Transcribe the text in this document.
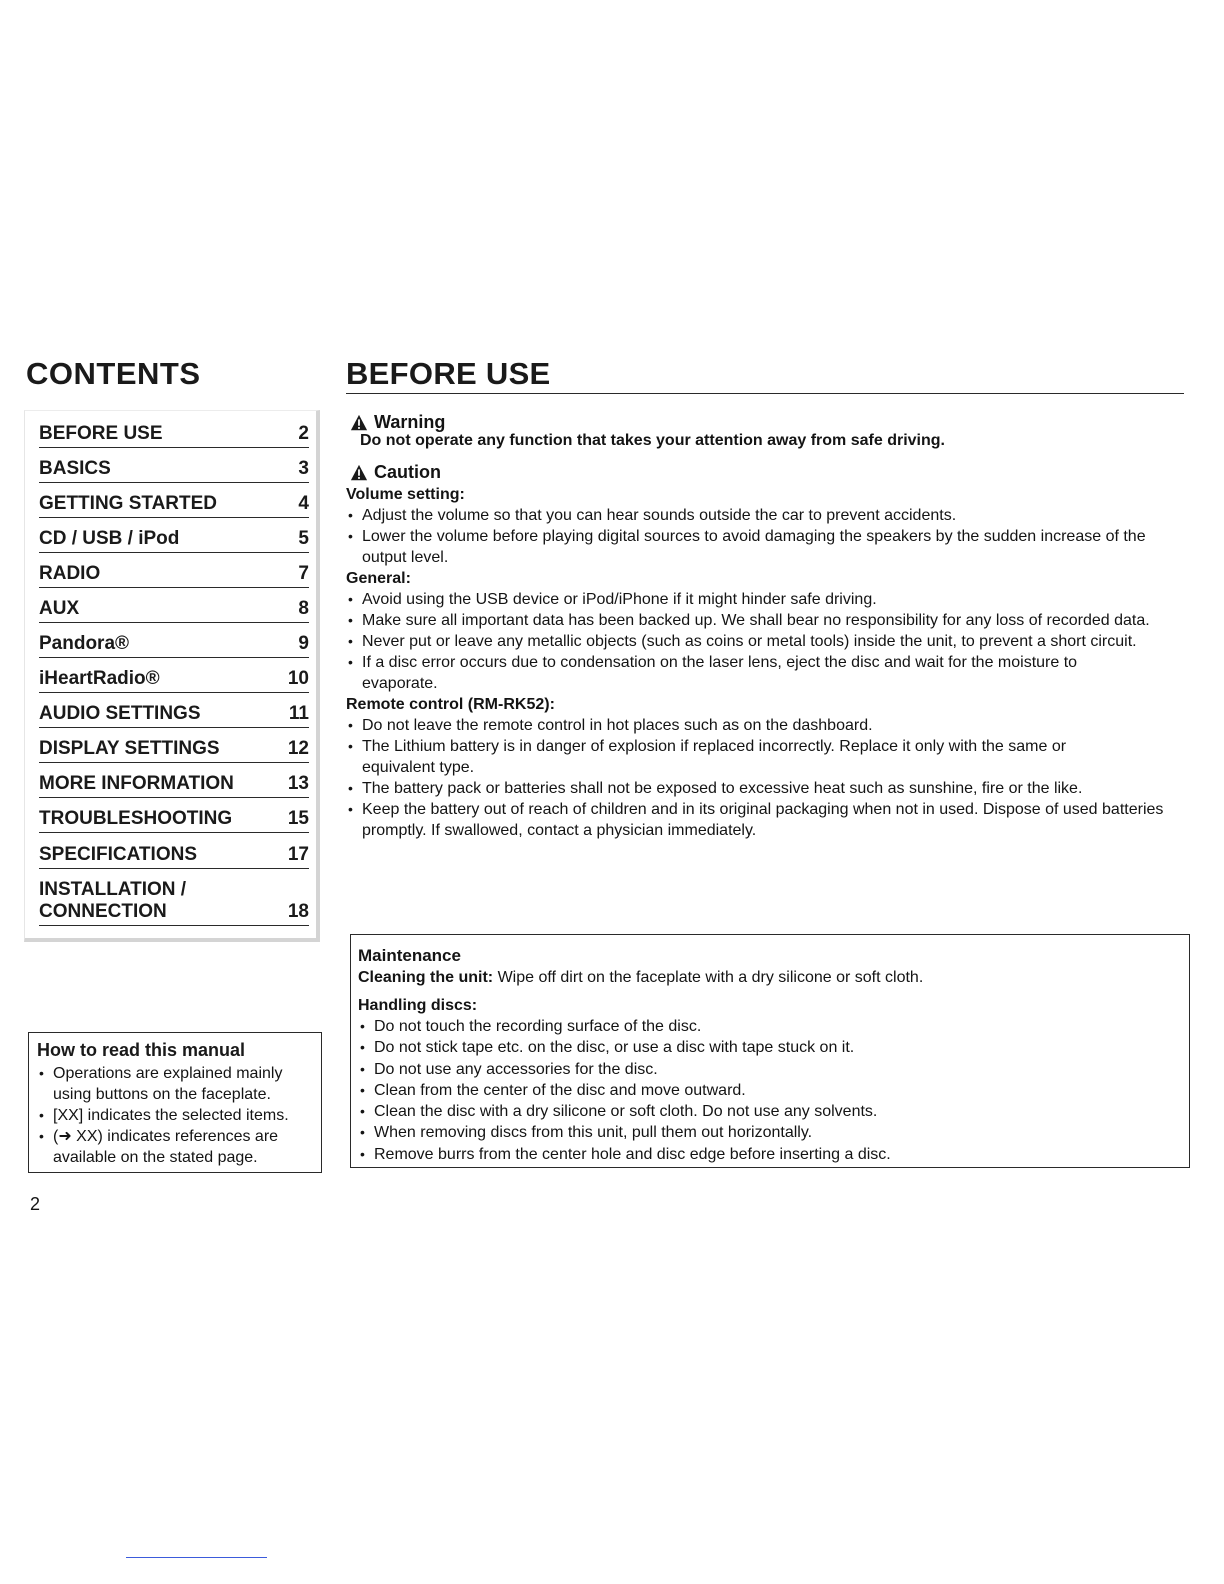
CONTENTS
BEFORE USE	2
BASICS	3
GETTING STARTED	4
CD / USB / iPod	5
RADIO	7
AUX	8
Pandora®	9
iHeartRadio®	10
AUDIO SETTINGS	11
DISPLAY SETTINGS	12
MORE INFORMATION	13
TROUBLESHOOTING	15
SPECIFICATIONS	17
INSTALLATION /
CONNECTION	18
How to read this manual
• Operations are explained mainly using buttons on the faceplate.
• [XX] indicates the selected items.
• (➜ XX) indicates references are available on the stated page.
2
BEFORE USE
Warning
Do not operate any function that takes your attention away from safe driving.
Caution
Volume setting:
• Adjust the volume so that you can hear sounds outside the car to prevent accidents.
• Lower the volume before playing digital sources to avoid damaging the speakers by the sudden increase of the output level.
General:
• Avoid using the USB device or iPod/iPhone if it might hinder safe driving.
• Make sure all important data has been backed up. We shall bear no responsibility for any loss of recorded data.
• Never put or leave any metallic objects (such as coins or metal tools) inside the unit, to prevent a short circuit.
• If a disc error occurs due to condensation on the laser lens, eject the disc and wait for the moisture to evaporate.
Remote control (RM-RK52):
• Do not leave the remote control in hot places such as on the dashboard.
• The Lithium battery is in danger of explosion if replaced incorrectly. Replace it only with the same or equivalent type.
• The battery pack or batteries shall not be exposed to excessive heat such as sunshine, fire or the like.
• Keep the battery out of reach of children and in its original packaging when not in used. Dispose of used batteries promptly. If swallowed, contact a physician immediately.
Maintenance

Cleaning the unit: Wipe off dirt on the faceplate with a dry silicone or soft cloth.

Handling discs:
• Do not touch the recording surface of the disc.
• Do not stick tape etc. on the disc, or use a disc with tape stuck on it.
• Do not use any accessories for the disc.
• Clean from the center of the disc and move outward.
• Clean the disc with a dry silicone or soft cloth. Do not use any solvents.
• When removing discs from this unit, pull them out horizontally.
• Remove burrs from the center hole and disc edge before inserting a disc.
